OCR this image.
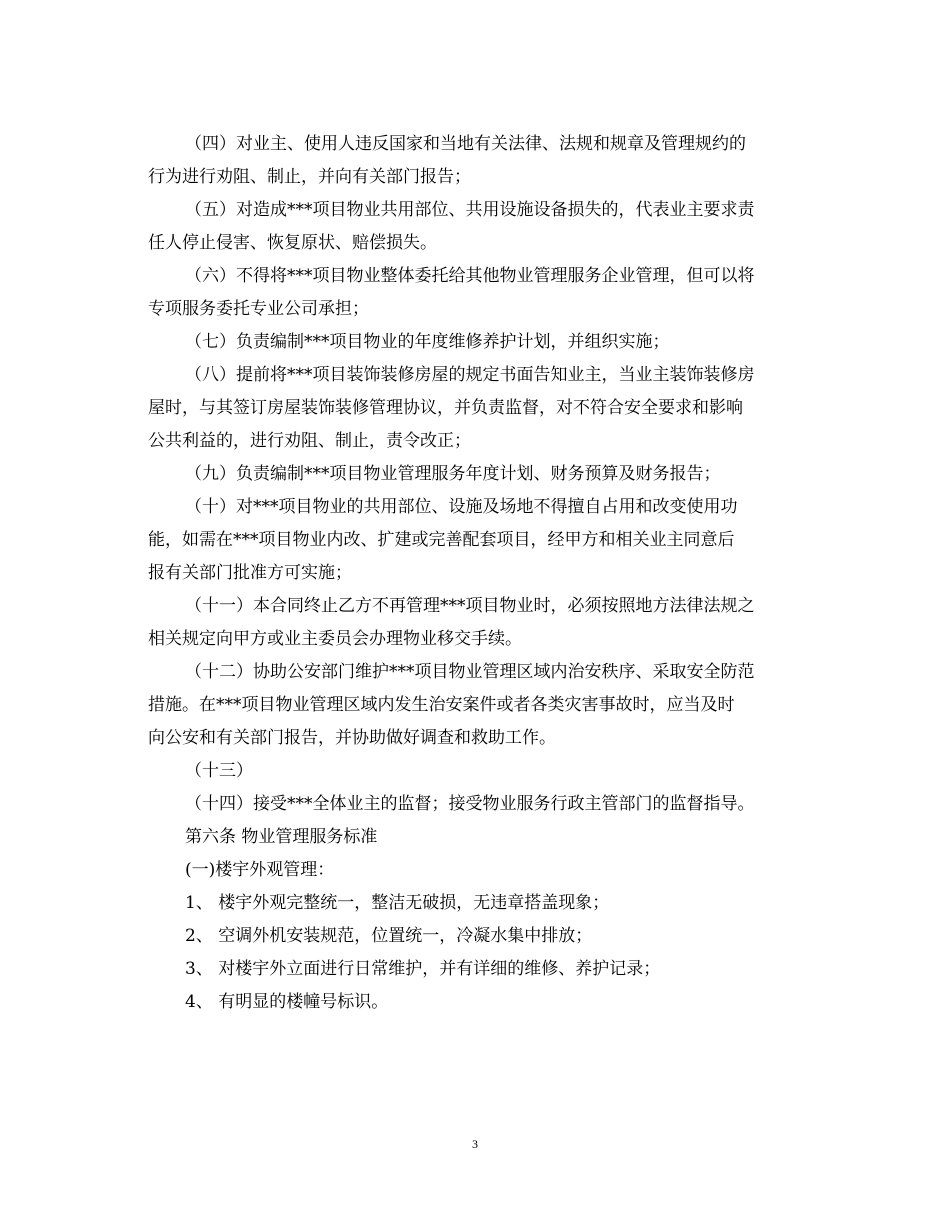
（四）对业主、使用人违反国家和当地有关法律、法规和规章及管理规约的

行为进行劝阻、制止，并向有关部门报告；

（五）对造成***项目物业共用部位、共用设施设备损失的，代表业主要求责

任人停止侵害、恢复原状、赔偿损失。

（六）不得将***项目物业整体委托给其他物业管理服务企业管理，但可以将

专项服务委托专业公司承担；

（七）负责编制***项目物业的年度维修养护计划，并组织实施；

（八）提前将***项目装饰装修房屋的规定书面告知业主，当业主装饰装修房

屋时，与其签订房屋装饰装修管理协议，并负责监督，对不符合安全要求和影响

公共利益的，进行劝阻、制止，责令改正；

（九）负责编制***项目物业管理服务年度计划、财务预算及财务报告；

（十）对***项目物业的共用部位、设施及场地不得擅自占用和改变使用功

能，如需在***项目物业内改、扩建或完善配套项目，经甲方和相关业主同意后

报有关部门批准方可实施；

（十一）本合同终止乙方不再管理***项目物业时，必须按照地方法律法规之

相关规定向甲方或业主委员会办理物业移交手续。

（十二）协助公安部门维护***项目物业管理区域内治安秩序、采取安全防范

措施。在***项目物业管理区域内发生治安案件或者各类灾害事故时，应当及时

向公安和有关部门报告，并协助做好调查和救助工作。

（十三）

（十四）接受***全体业主的监督；接受物业服务行政主管部门的监督指导。

第六条 物业管理服务标准

(一)楼宇外观管理：

1、 楼宇外观完整统一，整洁无破损，无违章搭盖现象；

2、 空调外机安装规范，位置统一，冷凝水集中排放；

3、 对楼宇外立面进行日常维护，并有详细的维修、养护记录；

4、 有明显的楼幢号标识。

3
